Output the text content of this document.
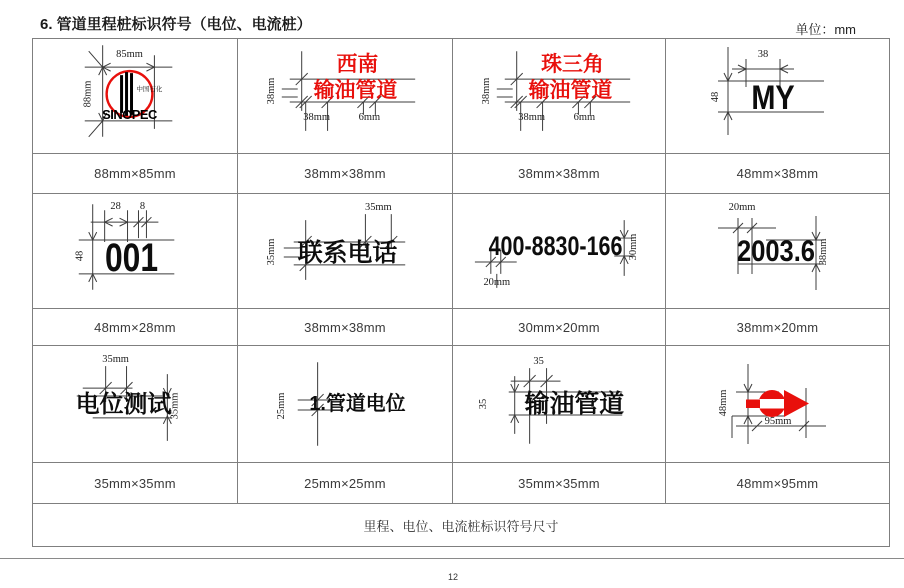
6. 管道里程桩标识符号（电位、电流桩）	单位：mm
85mm
88mm	中国石化
SINOPEC
西南
输油管道
38mm
38mm	6mm
珠三角
输油管道
38mm
38mm	6mm
MY
38
48
88mm×85mm	38mm×38mm	38mm×38mm	48mm×38mm
001
28 8
48	联系电话
35mm
35mm	400-8830-166 30mm
20mm
2003.6
20mm
38mm
48mm×28mm	38mm×38mm	30mm×20mm	38mm×20mm
电位测试
35mm
35mm	1.管道电位
25mm	输油管道
35
35	48mm
95mm
35mm×35mm	25mm×25mm	35mm×35mm	48mm×95mm
里程、电位、电流桩标识符号尺寸
12
